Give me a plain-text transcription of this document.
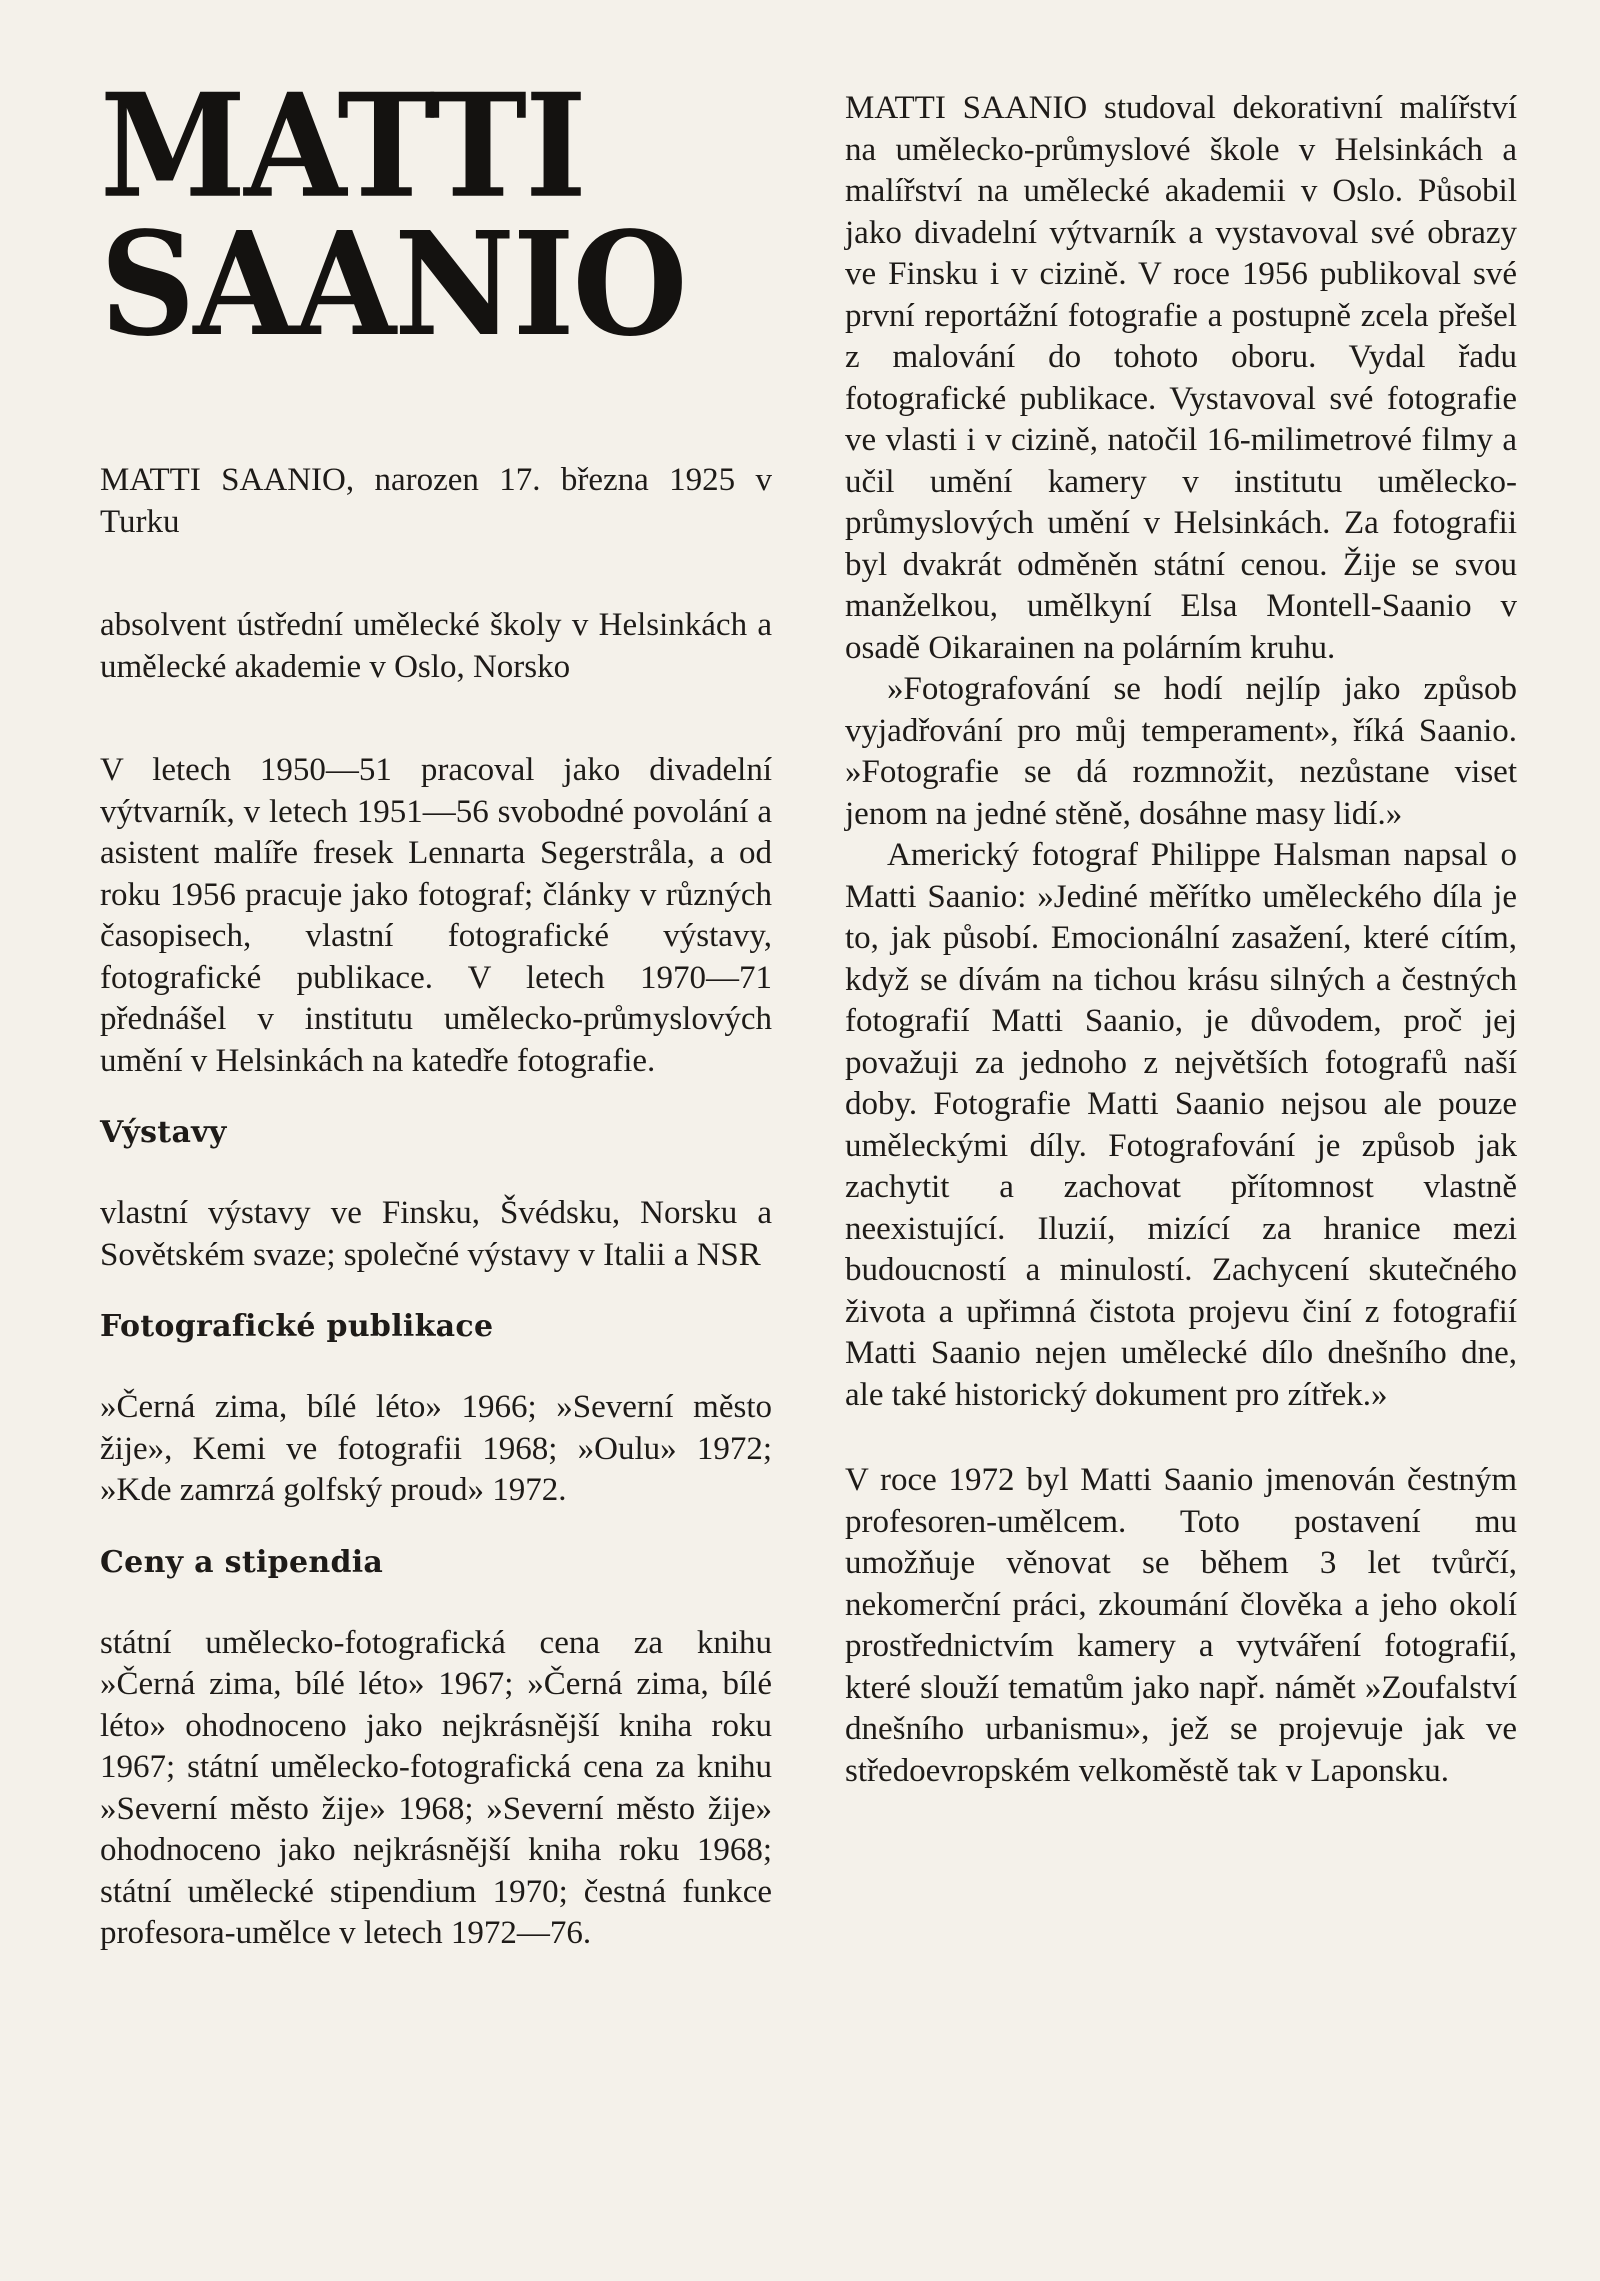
MATTI
SAANIO

MATTI SAANIO, narozen 17. března 1925 v Turku

absolvent ústřední umělecké školy v Helsinkách a umělecké akademie v Oslo, Norsko

V letech 1950—51 pracoval jako divadelní výtvarník, v letech 1951—56 svobodné povolání a asistent malíře fresek Lennarta Segerstråla, a od roku 1956 pracuje jako fotograf; články v různých časopisech, vlastní fotografické výstavy, fotografické publikace. V letech 1970—71 přednášel v institutu umělecko-průmyslových umění v Helsinkách na katedře fotografie.

Výstavy

vlastní výstavy ve Finsku, Švédsku, Norsku a Sovětském svaze; společné výstavy v Italii a NSR

Fotografické publikace

»Černá zima, bílé léto» 1966; »Severní město žije», Kemi ve fotografii 1968; »Oulu» 1972; »Kde zamrzá golfský proud» 1972.

Ceny a stipendia

státní umělecko-fotografická cena za knihu »Černá zima, bílé léto» 1967; »Černá zima, bílé léto» ohodnoceno jako nejkrásnější kniha roku 1967; státní umělecko-fotografická cena za knihu »Severní město žije» 1968; »Severní město žije» ohodnoceno jako nejkrásnější kniha roku 1968; státní umělecké stipendium 1970; čestná funkce profesora-umělce v letech 1972—76.

MATTI SAANIO studoval dekorativní malířství na umělecko-průmyslové škole v Helsinkách a malířství na umělecké akademii v Oslo. Působil jako divadelní výtvarník a vystavoval své obrazy ve Finsku i v cizině. V roce 1956 publikoval své první reportážní fotografie a postupně zcela přešel z malování do tohoto oboru. Vydal řadu fotografické publikace. Vystavoval své fotografie ve vlasti i v cizině, natočil 16-milimetrové filmy a učil umění kamery v institutu umělecko-průmyslových umění v Helsinkách. Za fotografii byl dvakrát odměněn státní cenou. Žije se svou manželkou, umělkyní Elsa Montell-Saanio v osadě Oikarainen na polárním kruhu.

»Fotografování se hodí nejlíp jako způsob vyjadřování pro můj temperament», říká Saanio. »Fotografie se dá rozmnožit, nezůstane viset jenom na jedné stěně, dosáhne masy lidí.»

Americký fotograf Philippe Halsman napsal o Matti Saanio: »Jediné měřítko uměleckého díla je to, jak působí. Emocionální zasažení, které cítím, když se dívám na tichou krásu silných a čestných fotografií Matti Saanio, je důvodem, proč jej považuji za jednoho z největších fotografů naší doby. Fotografie Matti Saanio nejsou ale pouze uměleckými díly. Fotografování je způsob jak zachytit a zachovat přítomnost vlastně neexistující. Iluzií, mizící za hranice mezi budoucností a minulostí. Zachycení skutečného života a upřimná čistota projevu činí z fotografií Matti Saanio nejen umělecké dílo dnešního dne, ale také historický dokument pro zítřek.»

V roce 1972 byl Matti Saanio jmenován čestným profesoren-umělcem. Toto postavení mu umožňuje věnovat se během 3 let tvůrčí, nekomerční práci, zkoumání člověka a jeho okolí prostřednictvím kamery a vytváření fotografií, které slouží tematům jako např. námět »Zoufalství dnešního urbanismu», jež se projevuje jak ve středoevropském velkoměstě tak v Laponsku.
